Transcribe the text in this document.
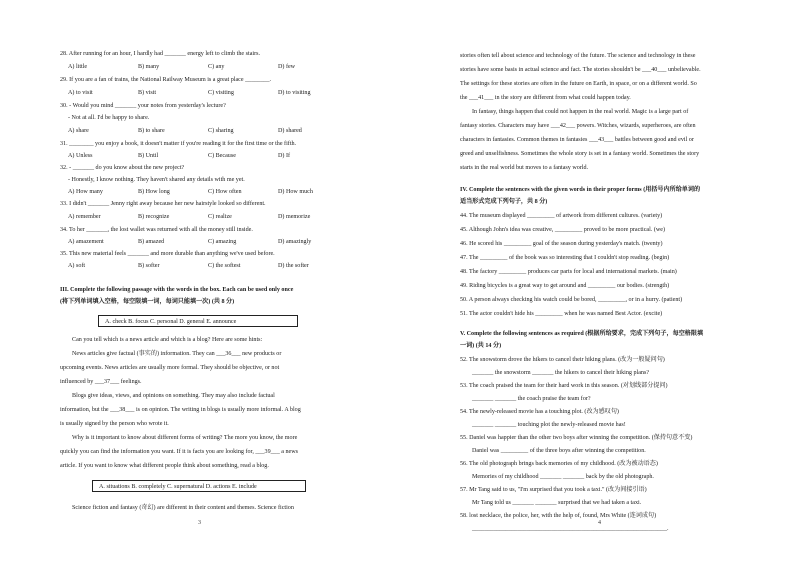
28. After running for an hour, I hardly had _______ energy left to climb the stairs.
A) little	B) many	C) any	D) few
29. If you are a fan of trains, the National Railway Museum is a great place ________.
A) to visit	B) visit	C) visiting	D) to visiting
30. - Would you mind _______ your notes from yesterday's lecture?
- Not at all. I'd be happy to share.
A) share	B) to share	C) sharing	D) shared
31. ________ you enjoy a book, it doesn't matter if you're reading it for the first time or the fifth.
A) Unless	B) Until	C) Because	D) If
32. - _______ do you know about the new project?
- Honestly, I know nothing. They haven't shared any details with me yet.
A) How many	B) How long	C) How often	D) How much
33. I didn't _______ Jenny right away because her new hairstyle looked so different.
A) remember	B) recognize	C) realize	D) memorize
34. To her _______, the lost wallet was returned with all the money still inside.
A) amazement	B) amazed	C) amazing	D) amazingly
35. This new material feels _______ and more durable than anything we've used before.
A) soft	B) softer	C) the softest	D) the softer
III. Complete the following passage with the words in the box. Each can be used only once
(将下列单词填入空格，每空限填一词，每词只能填一次) (共 8 分)
A. check B. focus C. personal D. general E. announce
Can you tell which is a news article and which is a blog? Here are some hints:
News articles give factual (事实的) information. They can ___36___ new products or
upcoming events. News articles are usually more formal. They should be objective, or not
influenced by ___37___ feelings.
Blogs give ideas, views, and opinions on something. They may also include factual
information, but the ___38___ is on opinion. The writing in blogs is usually more informal. A blog
is usually signed by the person who wrote it.
Why is it important to know about different forms of writing? The more you know, the more
quickly you can find the information you want. If it is facts you are looking for, ___39___ a news
article. If you want to know what different people think about something, read a blog.
A. situations B. completely C. supernatural D. actions E. include
Science fiction and fantasy (奇幻) are different in their content and themes. Science fiction
3
stories often tell about science and technology of the future. The science and technology in these
stories have some basis in actual science and fact. The stories shouldn't be ___40___ unbelievable.
The settings for these stories are often in the future on Earth, in space, or on a different world. So
the ___41___ in the story are different from what could happen today.
In fantasy, things happen that could not happen in the real world. Magic is a large part of
fantasy stories. Characters may have ___42___ powers. Witches, wizards, superheroes, are often
characters in fantasies. Common themes in fantasies ___43___ battles between good and evil or
greed and unselfishness. Sometimes the whole story is set in a fantasy world. Sometimes the story
starts in the real world but moves to a fantasy world.
IV. Complete the sentences with the given words in their proper forms (用括号内所给单词的
适当形式完成下列句子，共 8 分)
44. The museum displayed _________ of artwork from different cultures. (variety)
45. Although John's idea was creative, _________ proved to be more practical. (we)
46. He scored his _________ goal of the season during yesterday's match. (twenty)
47. The _________ of the book was so interesting that I couldn't stop reading. (begin)
48. The factory _________ produces car parts for local and international markets. (main)
49. Riding bicycles is a great way to get around and _________ our bodies. (strength)
50. A person always checking his watch could be bored, _________, or in a hurry. (patient)
51. The actor couldn't hide his _________ when he was named Best Actor. (excite)
V. Complete the following sentences as required (根据所给要求，完成下列句子，每空格限填
一词) (共 14 分)
52. The snowstorm drove the hikers to cancel their hiking plans. (改为一般疑问句)
_______ the snowstorm _______ the hikers to cancel their hiking plans?
53. The coach praised the team for their hard work in this season. (对划线部分提问)
_______ _______ the coach praise the team for?
54. The newly-released movie has a touching plot. (改为感叹句)
_______ _______ touching plot the newly-released movie has!
55. Daniel was happier than the other two boys after winning the competition. (保持句意不变)
Daniel was _________ of the three boys after winning the competition.
56. The old photograph brings back memories of my childhood. (改为被动语态)
Memories of my childhood _______ _______ back by the old photograph.
57. Mr Tang said to us, "I'm surprised that you took a taxi." (改为间接引语)
Mr Tang told us _______ _______ surprised that we had taken a taxi.
58. lost necklace, the police, her, with the help of, found, Mrs White (连词成句)
________________________________________________________________.
4
